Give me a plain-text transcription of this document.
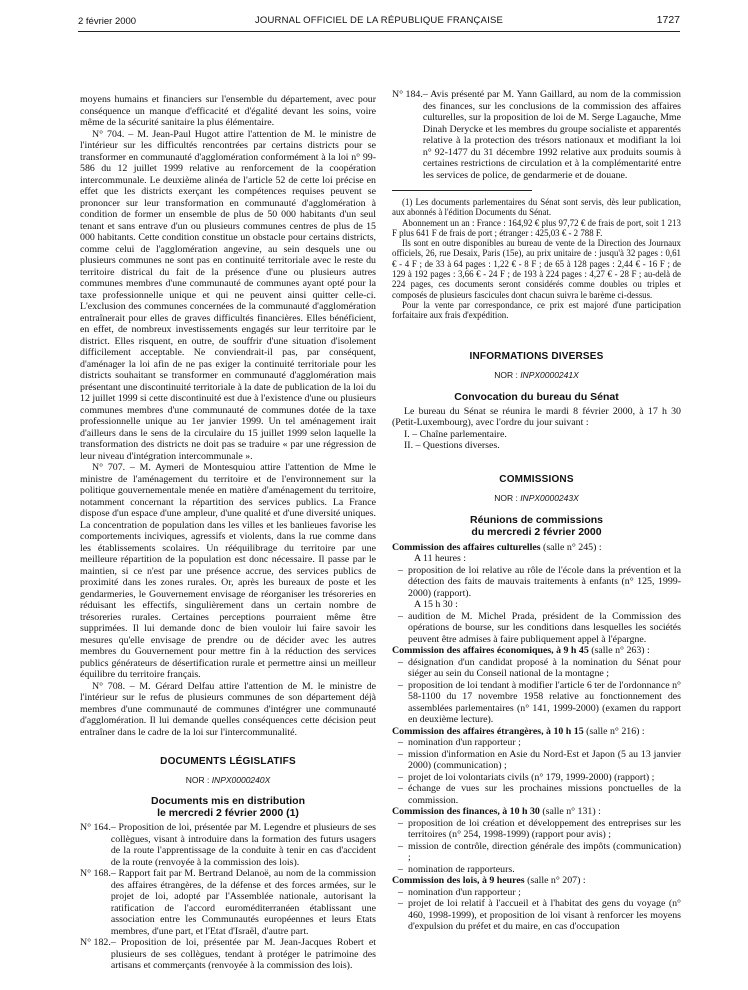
2 février 2000	JOURNAL OFFICIEL DE LA RÉPUBLIQUE FRANÇAISE	1727

moyens humains et financiers sur l'ensemble du département, avec pour conséquence un manque d'efficacité et d'égalité devant les soins, voire même de la sécurité sanitaire la plus élémentaire.

N° 704. – M. Jean-Paul Hugot attire l'attention de M. le ministre de l'intérieur sur les difficultés rencontrées par certains districts pour se transformer en communauté d'agglomération conformément à la loi n° 99-586 du 12 juillet 1999 relative au renforcement de la coopération intercommunale. Le deuxième alinéa de l'article 52 de cette loi précise en effet que les districts exerçant les compétences requises peuvent se prononcer sur leur transformation en communauté d'agglomération à condition de former un ensemble de plus de 50 000 habitants d'un seul tenant et sans entrave d'un ou plusieurs communes centres de plus de 15 000 habitants. Cette condition constitue un obstacle pour certains districts, comme celui de l'agglomération angevine, au sein desquels une ou plusieurs communes ne sont pas en continuité territoriale avec le reste du territoire districal du fait de la présence d'une ou plusieurs autres communes membres d'une communauté de communes ayant opté pour la taxe professionnelle unique et qui ne peuvent ainsi quitter celle-ci. L'exclusion des communes concernées de la communauté d'agglomération entraînerait pour elles de graves difficultés financières. Elles bénéficient, en effet, de nombreux investissements engagés sur leur territoire par le district. Elles risquent, en outre, de souffrir d'une situation d'isolement difficilement acceptable. Ne conviendrait-il pas, par conséquent, d'aménager la loi afin de ne pas exiger la continuité territoriale pour les districts souhaitant se transformer en communauté d'agglomération mais présentant une discontinuité territoriale à la date de publication de la loi du 12 juillet 1999 si cette discontinuité est due à l'existence d'une ou plusieurs communes membres d'une communauté de communes dotée de la taxe professionnelle unique au 1er janvier 1999. Un tel aménagement irait d'ailleurs dans le sens de la circulaire du 15 juillet 1999 selon laquelle la transformation des districts ne doit pas se traduire « par une régression de leur niveau d'intégration intercommunale ».

N° 707. – M. Aymeri de Montesquiou attire l'attention de Mme le ministre de l'aménagement du territoire et de l'environnement sur la politique gouvernementale menée en matière d'aménagement du territoire, notamment concernant la répartition des services publics. La France dispose d'un espace d'une ampleur, d'une qualité et d'une diversité uniques. La concentration de population dans les villes et les banlieues favorise les comportements inciviques, agressifs et violents, dans la rue comme dans les établissements scolaires. Un rééquilibrage du territoire par une meilleure répartition de la population est donc nécessaire. Il passe par le maintien, si ce n'est par une présence accrue, des services publics de proximité dans les zones rurales. Or, après les bureaux de poste et les gendarmeries, le Gouvernement envisage de réorganiser les trésoreries en réduisant les effectifs, singulièrement dans un certain nombre de trésoreries rurales. Certaines perceptions pourraient même être supprimées. Il lui demande donc de bien vouloir lui faire savoir les mesures qu'elle envisage de prendre ou de décider avec les autres membres du Gouvernement pour mettre fin à la réduction des services publics générateurs de désertification rurale et permettre ainsi un meilleur équilibre du territoire français.

N° 708. – M. Gérard Delfau attire l'attention de M. le ministre de l'intérieur sur le refus de plusieurs communes de son département déjà membres d'une communauté de communes d'intégrer une communauté d'agglomération. Il lui demande quelles conséquences cette décision peut entraîner dans le cadre de la loi sur l'intercommunalité.

DOCUMENTS LÉGISLATIFS
NOR : INPX0000240X
Documents mis en distribution
le mercredi 2 février 2000 (1)
N° 164. – Proposition de loi, présentée par M. Legendre et plusieurs de ses collègues, visant à introduire dans la formation des futurs usagers de la route l'apprentissage de la conduite à tenir en cas d'accident de la route (renvoyée à la commission des lois).
N° 168. – Rapport fait par M. Bertrand Delanoë, au nom de la commission des affaires étrangères, de la défense et des forces armées, sur le projet de loi, adopté par l'Assemblée nationale, autorisant la ratification de l'accord euroméditerranéen établissant une association entre les Communautés européennes et leurs Etats membres, d'une part, et l'Etat d'Israël, d'autre part.
N° 182. – Proposition de loi, présentée par M. Jean-Jacques Robert et plusieurs de ses collègues, tendant à protéger le patrimoine des artisans et commerçants (renvoyée à la commission des lois).
N° 184. – Avis présenté par M. Yann Gaillard, au nom de la commission des finances, sur les conclusions de la commission des affaires culturelles, sur la proposition de loi de M. Serge Lagauche, Mme Dinah Derycke et les membres du groupe socialiste et apparentés relative à la protection des trésors nationaux et modifiant la loi n° 92-1477 du 31 décembre 1992 relative aux produits soumis à certaines restrictions de circulation et à la complémentarité entre les services de police, de gendarmerie et de douane.

(1) Les documents parlementaires du Sénat sont servis, dès leur publication, aux abonnés à l'édition Documents du Sénat.

Abonnement un an : France : 164,92 € plus 97,72 € de frais de port, soit 1 213 F plus 641 F de frais de port ; étranger : 425,03 € - 2 788 F.

Ils sont en outre disponibles au bureau de vente de la Direction des Journaux officiels, 26, rue Desaix, Paris (15e), au prix unitaire de : jusqu'à 32 pages : 0,61 € - 4 F ; de 33 à 64 pages : 1,22 € - 8 F ; de 65 à 128 pages : 2,44 € - 16 F ; de 129 à 192 pages : 3,66 € - 24 F ; de 193 à 224 pages : 4,27 € - 28 F ; au-delà de 224 pages, ces documents seront considérés comme doubles ou triples et composés de plusieurs fascicules dont chacun suivra le barème ci-dessus.

Pour la vente par correspondance, ce prix est majoré d'une participation forfaitaire aux frais d'expédition.

INFORMATIONS DIVERSES
NOR : INPX0000241X
Convocation du bureau du Sénat

Le bureau du Sénat se réunira le mardi 8 février 2000, à 17 h 30 (Petit-Luxembourg), avec l'ordre du jour suivant :

I. – Chaîne parlementaire.

II. – Questions diverses.

COMMISSIONS
NOR : INPX0000243X
Réunions de commissions
du mercredi 2 février 2000

Commission des affaires culturelles (salle n° 245) :

A 11 heures :
– proposition de loi relative au rôle de l'école dans la prévention et la détection des faits de mauvais traitements à enfants (n° 125, 1999-2000) (rapport).
A 15 h 30 :
– audition de M. Michel Prada, président de la Commission des opérations de bourse, sur les conditions dans lesquelles les sociétés peuvent être admises à faire publiquement appel à l'épargne.

Commission des affaires économiques, à 9 h 45 (salle n° 263) :

– désignation d'un candidat proposé à la nomination du Sénat pour siéger au sein du Conseil national de la montagne ;
– proposition de loi tendant à modifier l'article 6 ter de l'ordonnance n° 58-1100 du 17 novembre 1958 relative au fonctionnement des assemblées parlementaires (n° 141, 1999-2000) (examen du rapport en deuxième lecture).

Commission des affaires étrangères, à 10 h 15 (salle n° 216) :

– nomination d'un rapporteur ;
– mission d'information en Asie du Nord-Est et Japon (5 au 13 janvier 2000) (communication) ;
– projet de loi volontariats civils (n° 179, 1999-2000) (rapport) ;
– échange de vues sur les prochaines missions ponctuelles de la commission.

Commission des finances, à 10 h 30 (salle n° 131) :

– proposition de loi création et développement des entreprises sur les territoires (n° 254, 1998-1999) (rapport pour avis) ;
– mission de contrôle, direction générale des impôts (communication) ;
– nomination de rapporteurs.

Commission des lois, à 9 heures (salle n° 207) :

– nomination d'un rapporteur ;
– projet de loi relatif à l'accueil et à l'habitat des gens du voyage (n° 460, 1998-1999), et proposition de loi visant à renforcer les moyens d'expulsion du préfet et du maire, en cas d'occupation
